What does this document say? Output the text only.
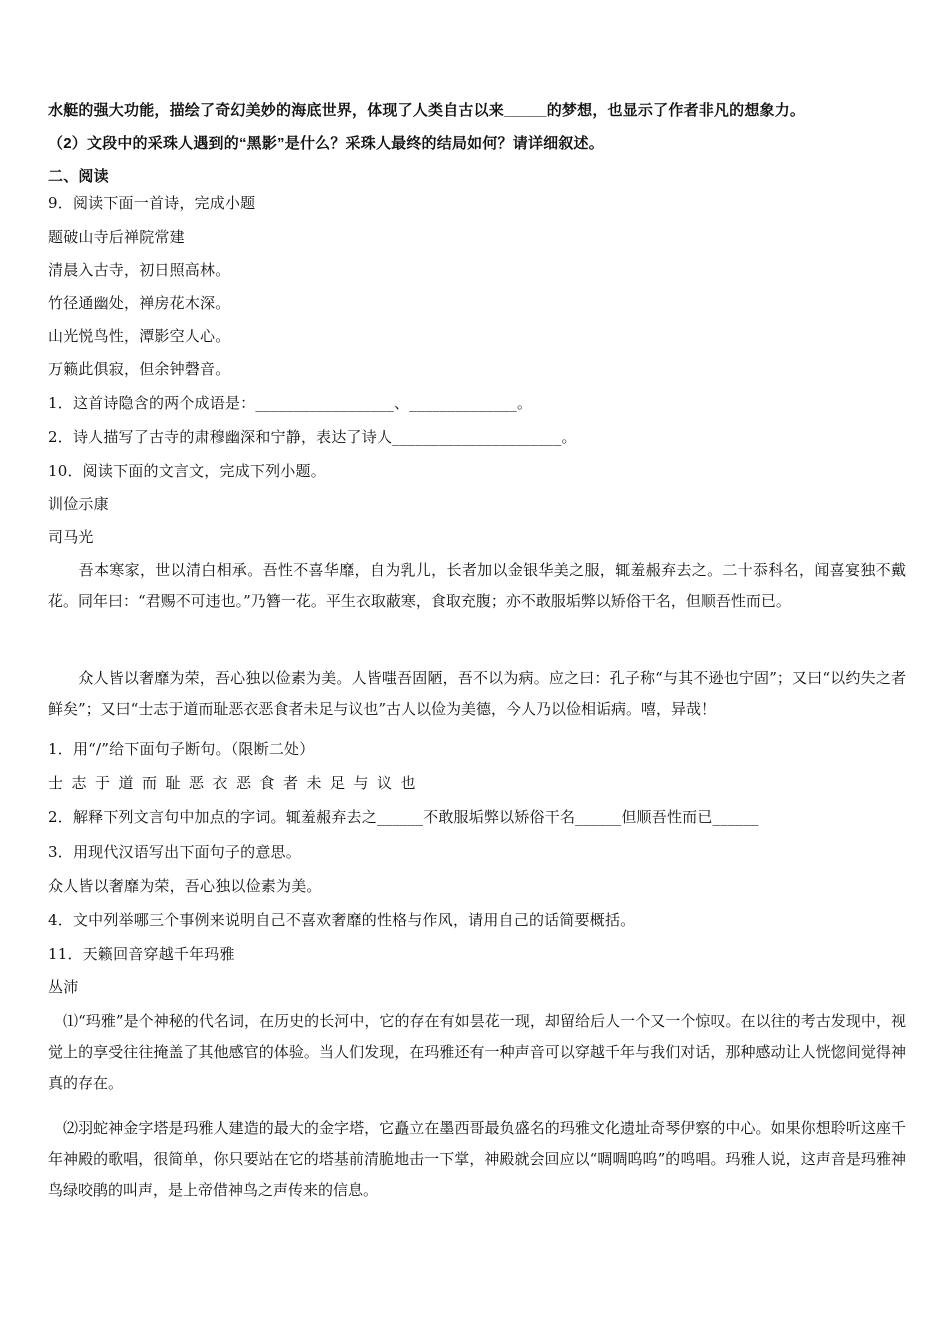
水艇的强大功能，描绘了奇幻美妙的海底世界，体现了人类自古以来_____的梦想，也显示了作者非凡的想象力。
（2）文段中的采珠人遇到的“黑影”是什么？采珠人最终的结局如何？请详细叙述。
二、阅读
9．阅读下面一首诗，完成小题
题破山寺后禅院常建
清晨入古寺，初日照高林。
竹径通幽处，禅房花木深。
山光悦鸟性，潭影空人心。
万籁此俱寂，但余钟磬音。
1．这首诗隐含的两个成语是：__________________、______________。
2．诗人描写了古寺的肃穆幽深和宁静，表达了诗人______________________。
10．阅读下面的文言文，完成下列小题。
训俭示康
司马光
　　吾本寒家，世以清白相承。吾性不喜华靡，自为乳儿，长者加以金银华美之服，辄羞赧弃去之。二十忝科名，闻喜宴独不戴花。同年曰：“君赐不可违也。”乃簪一花。平生衣取蔽寒，食取充腹；亦不敢服垢弊以矫俗干名，但顺吾性而已。
　　众人皆以奢靡为荣，吾心独以俭素为美。人皆嗤吾固陋，吾不以为病。应之曰：孔子称“与其不逊也宁固”；又曰“以约失之者鲜矣”；又曰“士志于道而耻恶衣恶食者未足与议也”古人以俭为美德，今人乃以俭相诟病。嘻，异哉！
1．用“/”给下面句子断句。（限断二处）
士志于道而耻恶衣恶食者未足与议也
2．解释下列文言句中加点的字词。辄羞赧弃去之______不敢服垢弊以矫俗干名______但顺吾性而已______
3．用现代汉语写出下面句子的意思。
众人皆以奢靡为荣，吾心独以俭素为美。
4．文中列举哪三个事例来说明自己不喜欢奢靡的性格与作风，请用自己的话简要概括。
11．天籁回音穿越千年玛雅
丛沛
　⑴“玛雅”是个神秘的代名词，在历史的长河中，它的存在有如昙花一现，却留给后人一个又一个惊叹。在以往的考古发现中，视觉上的享受往往掩盖了其他感官的体验。当人们发现，在玛雅还有一种声音可以穿越千年与我们对话，那种感动让人恍惚间觉得神真的存在。
　⑵羽蛇神金字塔是玛雅人建造的最大的金字塔，它矗立在墨西哥最负盛名的玛雅文化遗址奇琴伊察的中心。如果你想聆听这座千年神殿的歌唱，很简单，你只要站在它的塔基前清脆地击一下掌，神殿就会回应以“啁啁呜呜”的鸣唱。玛雅人说，这声音是玛雅神鸟绿咬鹃的叫声，是上帝借神鸟之声传来的信息。
